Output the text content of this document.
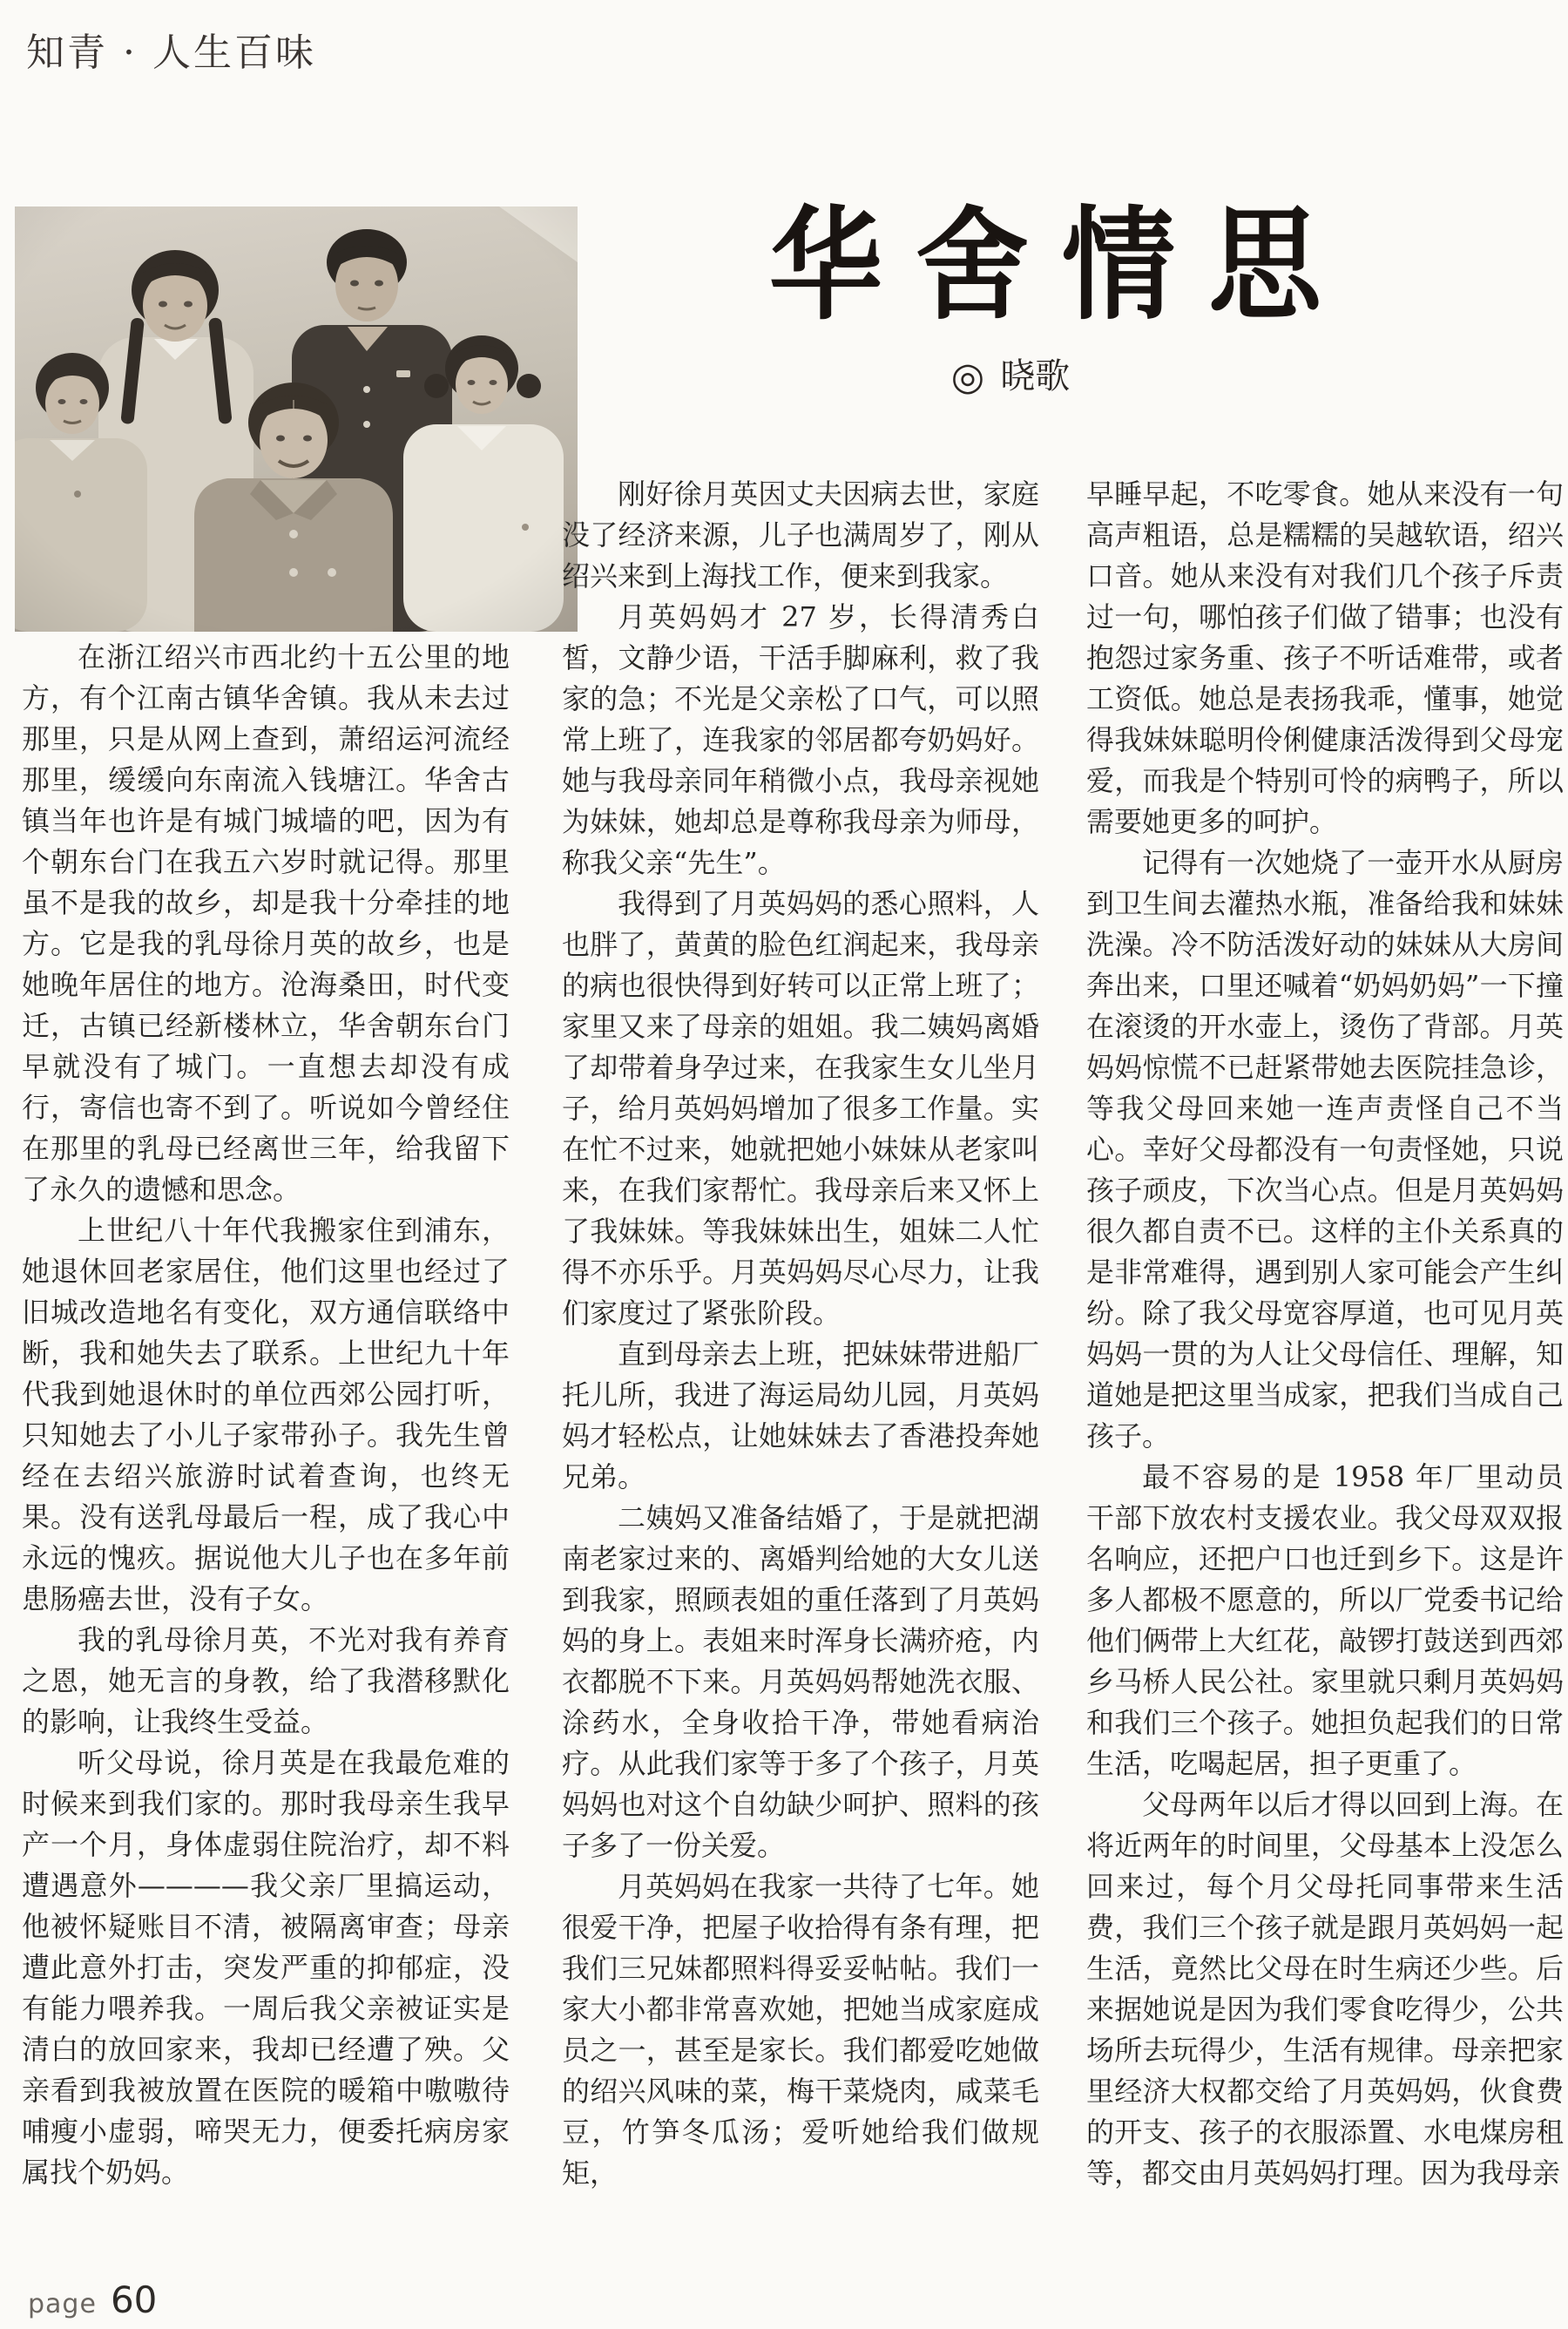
知青 · 人生百味
华舍情思
◎ 晓歌

在浙江绍兴市西北约十五公里的地方，有个江南古镇华舍镇。我从未去过那里，只是从网上查到，萧绍运河流经那里，缓缓向东南流入钱塘江。华舍古镇当年也许是有城门城墙的吧，因为有个朝东台门在我五六岁时就记得。那里虽不是我的故乡，却是我十分牵挂的地方。它是我的乳母徐月英的故乡，也是她晚年居住的地方。沧海桑田，时代变迁，古镇已经新楼林立，华舍朝东台门早就没有了城门。一直想去却没有成行，寄信也寄不到了。听说如今曾经住在那里的乳母已经离世三年，给我留下了永久的遗憾和思念。

上世纪八十年代我搬家住到浦东，她退休回老家居住，他们这里也经过了旧城改造地名有变化，双方通信联络中断，我和她失去了联系。上世纪九十年代我到她退休时的单位西郊公园打听，只知她去了小儿子家带孙子。我先生曾经在去绍兴旅游时试着查询，也终无果。没有送乳母最后一程，成了我心中永远的愧疚。据说他大儿子也在多年前患肠癌去世，没有子女。

我的乳母徐月英，不光对我有养育之恩，她无言的身教，给了我潜移默化的影响，让我终生受益。

听父母说，徐月英是在我最危难的时候来到我们家的。那时我母亲生我早产一个月，身体虚弱住院治疗，却不料遭遇意外————我父亲厂里搞运动，他被怀疑账目不清，被隔离审查；母亲遭此意外打击，突发严重的抑郁症，没有能力喂养我。一周后我父亲被证实是清白的放回家来，我却已经遭了殃。父亲看到我被放置在医院的暖箱中嗷嗷待哺瘦小虚弱，啼哭无力，便委托病房家属找个奶妈。

刚好徐月英因丈夫因病去世，家庭没了经济来源，儿子也满周岁了，刚从绍兴来到上海找工作，便来到我家。

月英妈妈才 27 岁，长得清秀白皙，文静少语，干活手脚麻利，救了我家的急；不光是父亲松了口气，可以照常上班了，连我家的邻居都夸奶妈好。她与我母亲同年稍微小点，我母亲视她为妹妹，她却总是尊称我母亲为师母，称我父亲“先生”。

我得到了月英妈妈的悉心照料，人也胖了，黄黄的脸色红润起来，我母亲的病也很快得到好转可以正常上班了；家里又来了母亲的姐姐。我二姨妈离婚了却带着身孕过来，在我家生女儿坐月子，给月英妈妈增加了很多工作量。实在忙不过来，她就把她小妹妹从老家叫来，在我们家帮忙。我母亲后来又怀上了我妹妹。等我妹妹出生，姐妹二人忙得不亦乐乎。月英妈妈尽心尽力，让我们家度过了紧张阶段。

直到母亲去上班，把妹妹带进船厂托儿所，我进了海运局幼儿园，月英妈妈才轻松点，让她妹妹去了香港投奔她兄弟。

二姨妈又准备结婚了，于是就把湖南老家过来的、离婚判给她的大女儿送到我家，照顾表姐的重任落到了月英妈妈的身上。表姐来时浑身长满疥疮，内衣都脱不下来。月英妈妈帮她洗衣服、涂药水，全身收拾干净，带她看病治疗。从此我们家等于多了个孩子，月英妈妈也对这个自幼缺少呵护、照料的孩子多了一份关爱。

月英妈妈在我家一共待了七年。她很爱干净，把屋子收拾得有条有理，把我们三兄妹都照料得妥妥帖帖。我们一家大小都非常喜欢她，把她当成家庭成员之一，甚至是家长。我们都爱吃她做的绍兴风味的菜，梅干菜烧肉，咸菜毛豆，竹笋冬瓜汤；爱听她给我们做规矩，

早睡早起，不吃零食。她从来没有一句高声粗语，总是糯糯的吴越软语，绍兴口音。她从来没有对我们几个孩子斥责过一句，哪怕孩子们做了错事；也没有抱怨过家务重、孩子不听话难带，或者工资低。她总是表扬我乖，懂事，她觉得我妹妹聪明伶俐健康活泼得到父母宠爱，而我是个特别可怜的病鸭子，所以需要她更多的呵护。

记得有一次她烧了一壶开水从厨房到卫生间去灌热水瓶，准备给我和妹妹洗澡。冷不防活泼好动的妹妹从大房间奔出来，口里还喊着“奶妈奶妈”一下撞在滚烫的开水壶上，烫伤了背部。月英妈妈惊慌不已赶紧带她去医院挂急诊，等我父母回来她一连声责怪自己不当心。幸好父母都没有一句责怪她，只说孩子顽皮，下次当心点。但是月英妈妈很久都自责不已。这样的主仆关系真的是非常难得，遇到别人家可能会产生纠纷。除了我父母宽容厚道，也可见月英妈妈一贯的为人让父母信任、理解，知道她是把这里当成家，把我们当成自己孩子。

最不容易的是 1958 年厂里动员干部下放农村支援农业。我父母双双报名响应，还把户口也迁到乡下。这是许多人都极不愿意的，所以厂党委书记给他们俩带上大红花，敲锣打鼓送到西郊乡马桥人民公社。家里就只剩月英妈妈和我们三个孩子。她担负起我们的日常生活，吃喝起居，担子更重了。

父母两年以后才得以回到上海。在将近两年的时间里，父母基本上没怎么回来过，每个月父母托同事带来生活费，我们三个孩子就是跟月英妈妈一起生活，竟然比父母在时生病还少些。后来据她说是因为我们零食吃得少，公共场所去玩得少，生活有规律。母亲把家里经济大权都交给了月英妈妈，伙食费的开支、孩子的衣服添置、水电煤房租等，都交由月英妈妈打理。因为我母亲

page 60
